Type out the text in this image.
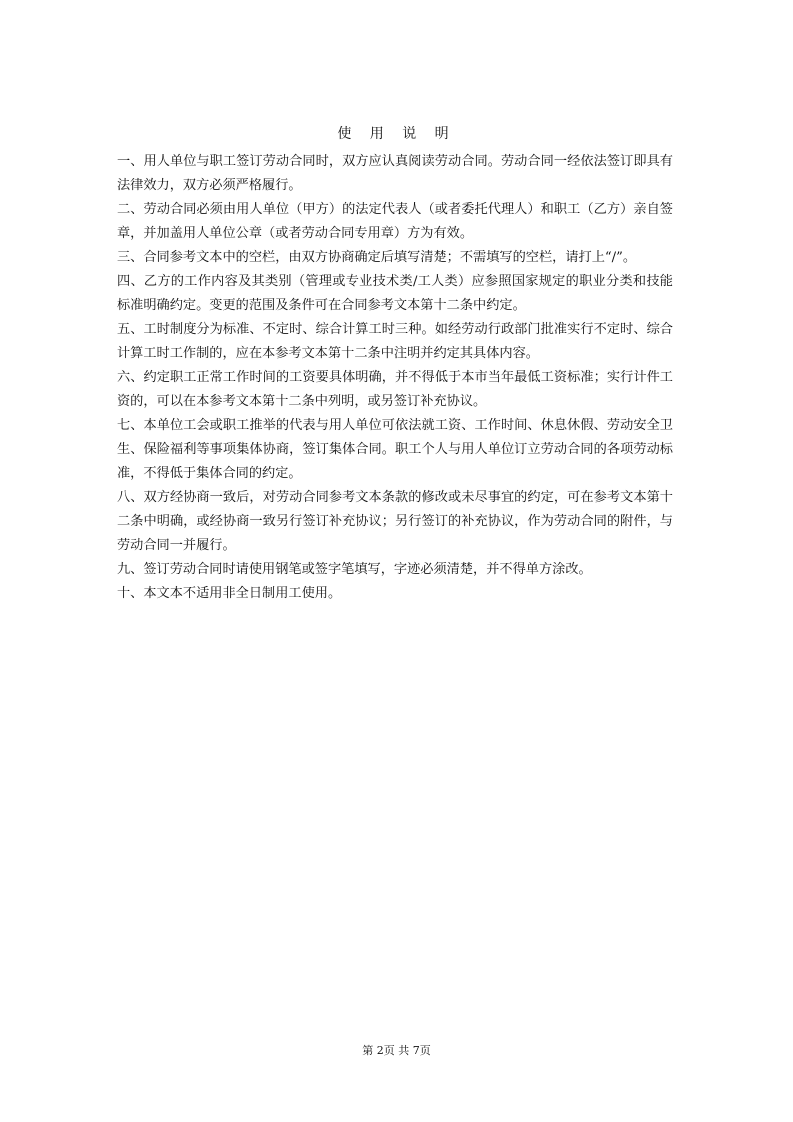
使 用 说 明

一、用人单位与职工签订劳动合同时，双方应认真阅读劳动合同。劳动合同一经依法签订即具有法律效力，双方必须严格履行。

二、劳动合同必须由用人单位（甲方）的法定代表人（或者委托代理人）和职工（乙方）亲自签章，并加盖用人单位公章（或者劳动合同专用章）方为有效。

三、合同参考文本中的空栏，由双方协商确定后填写清楚；不需填写的空栏，请打上“/”。

四、乙方的工作内容及其类别（管理或专业技术类/工人类）应参照国家规定的职业分类和技能标准明确约定。变更的范围及条件可在合同参考文本第十二条中约定。

五、工时制度分为标准、不定时、综合计算工时三种。如经劳动行政部门批准实行不定时、综合计算工时工作制的，应在本参考文本第十二条中注明并约定其具体内容。

六、约定职工正常工作时间的工资要具体明确，并不得低于本市当年最低工资标准；实行计件工资的，可以在本参考文本第十二条中列明，或另签订补充协议。

七、本单位工会或职工推举的代表与用人单位可依法就工资、工作时间、休息休假、劳动安全卫生、保险福利等事项集体协商，签订集体合同。职工个人与用人单位订立劳动合同的各项劳动标准，不得低于集体合同的约定。

八、双方经协商一致后，对劳动合同参考文本条款的修改或未尽事宜的约定，可在参考文本第十二条中明确，或经协商一致另行签订补充协议；另行签订的补充协议，作为劳动合同的附件，与劳动合同一并履行。

九、签订劳动合同时请使用钢笔或签字笔填写，字迹必须清楚，并不得单方涂改。

十、本文本不适用非全日制用工使用。

第 2页 共 7页
